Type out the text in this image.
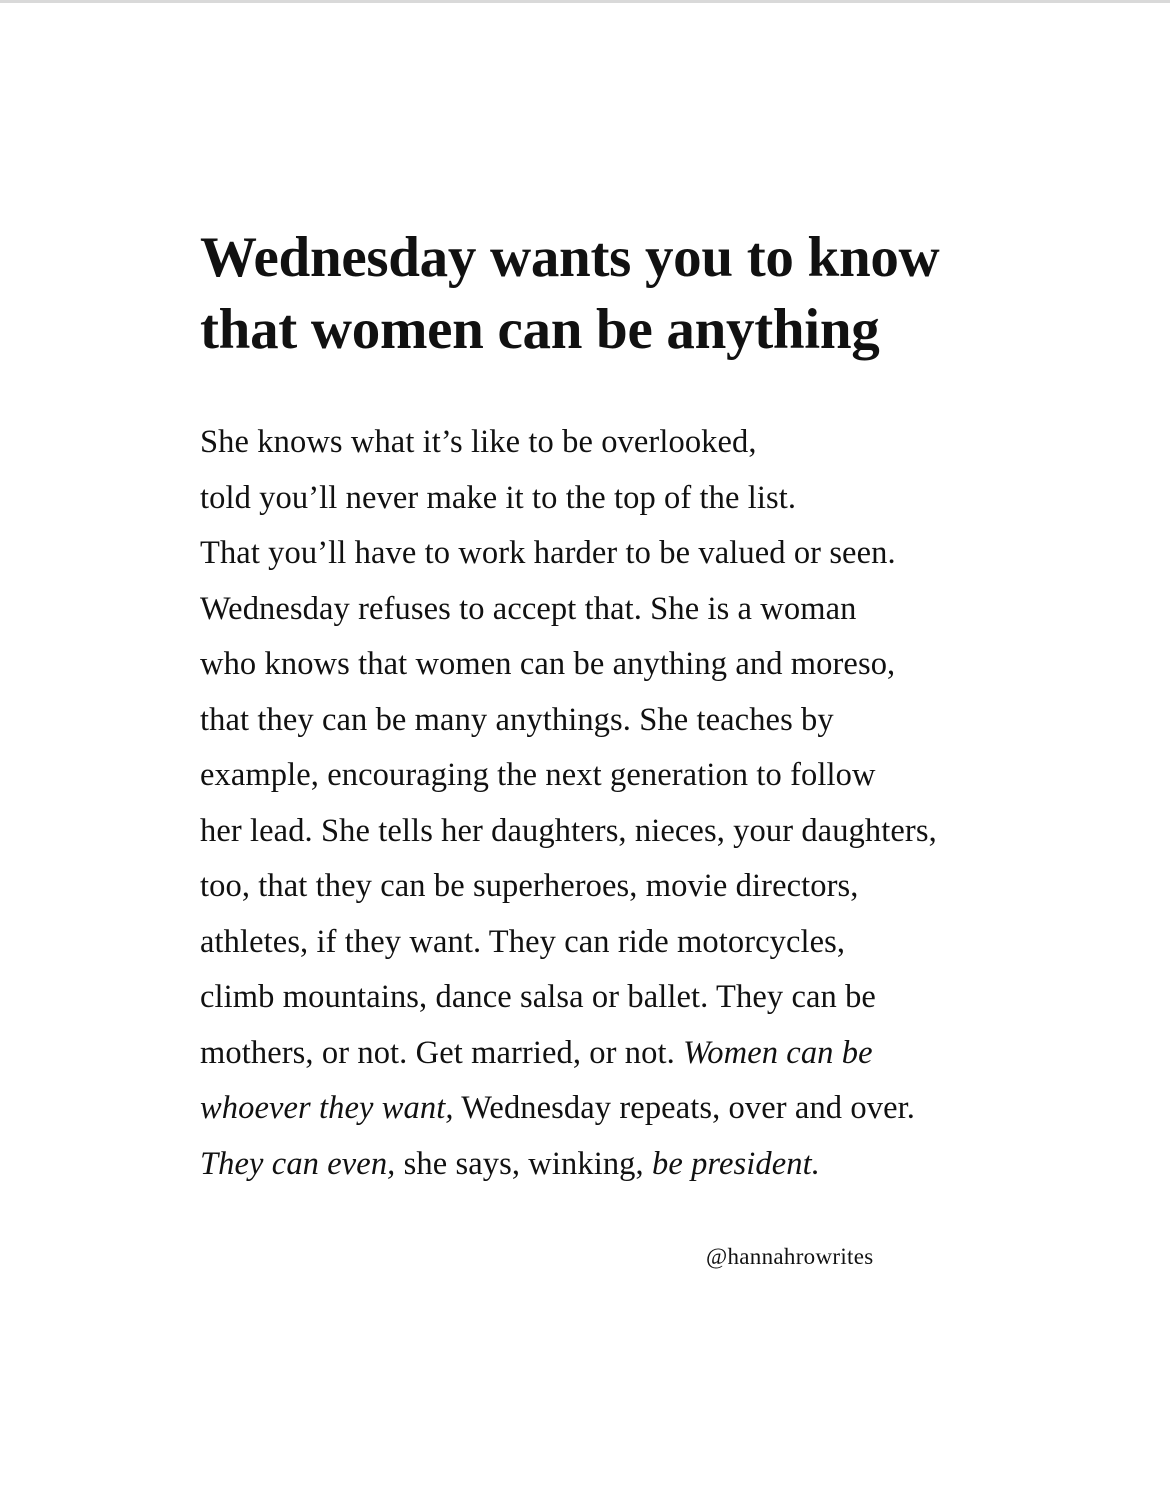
Wednesday wants you to know
that women can be anything
She knows what it’s like to be overlooked,
told you’ll never make it to the top of the list.
That you’ll have to work harder to be valued or seen.
Wednesday refuses to accept that. She is a woman
who knows that women can be anything and moreso,
that they can be many anythings. She teaches by
example, encouraging the next generation to follow
her lead. She tells her daughters, nieces, your daughters,
too, that they can be superheroes, movie directors,
athletes, if they want. They can ride motorcycles,
climb mountains, dance salsa or ballet. They can be
mothers, or not. Get married, or not. Women can be
whoever they want, Wednesday repeats, over and over.
They can even, she says, winking, be president.
@hannahrowrites
